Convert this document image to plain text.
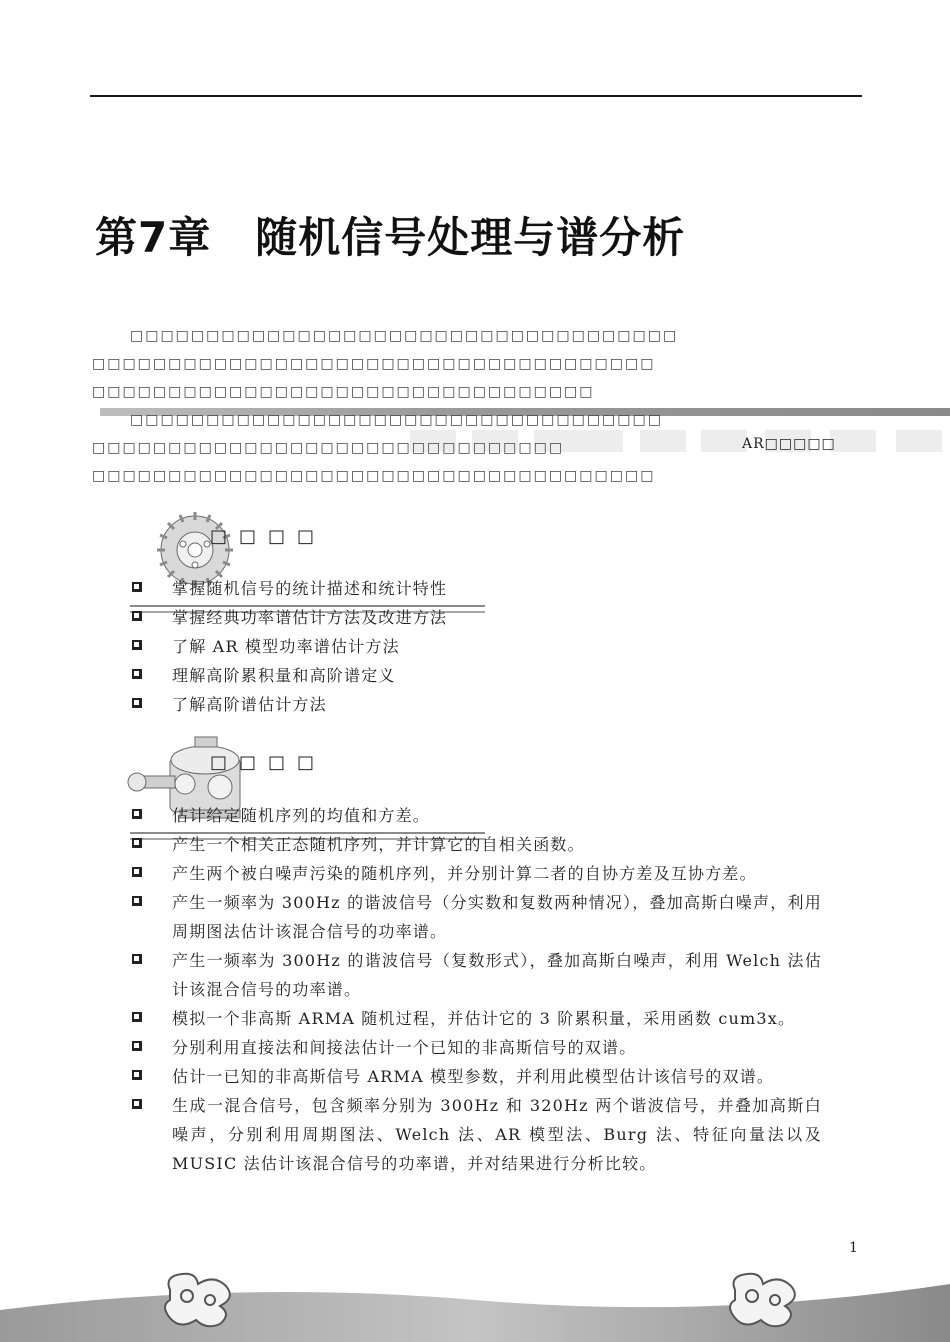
第7章 随机信号处理与谱分析
□□□□□□□□□□□□□□□□□□□□□□□□□□□□□□□□□□□□
□□□□□□□□□□□□□□□□□□□□□□□□□□□□□□□□□□□□□
□□□□□□□□□□□□□□□□□□□□□□□□□□□□□□□□□
□□□□□□□□□□□□□□□□□□□□□□□□□□□□□□□□□□□
□□□□□□□□□□□□□□□□□□□□□□□□□□□□□□□
□□□□□□□□□□□□□□□□□□□□□□□□□□□□□□□□□□□□□
AR□□□□□
□□□□
掌握随机信号的统计描述和统计特性
掌握经典功率谱估计方法及改进方法
了解 AR 模型功率谱估计方法
理解高阶累积量和高阶谱定义
了解高阶谱估计方法
□□□□
估计给定随机序列的均值和方差。
产生一个相关正态随机序列，并计算它的自相关函数。
产生两个被白噪声污染的随机序列，并分别计算二者的自协方差及互协方差。
产生一频率为 300Hz 的谐波信号（分实数和复数两种情况），叠加高斯白噪声，利用周期图法估计该混合信号的功率谱。
产生一频率为 300Hz 的谐波信号（复数形式），叠加高斯白噪声，利用 Welch 法估计该混合信号的功率谱。
模拟一个非高斯 ARMA 随机过程，并估计它的 3 阶累积量，采用函数 cum3x。
分别利用直接法和间接法估计一个已知的非高斯信号的双谱。
估计一已知的非高斯信号 ARMA 模型参数，并利用此模型估计该信号的双谱。
生成一混合信号，包含频率分别为 300Hz 和 320Hz 两个谐波信号，并叠加高斯白噪声，分别利用周期图法、Welch 法、AR 模型法、Burg 法、特征向量法以及 MUSIC 法估计该混合信号的功率谱，并对结果进行分析比较。
1
